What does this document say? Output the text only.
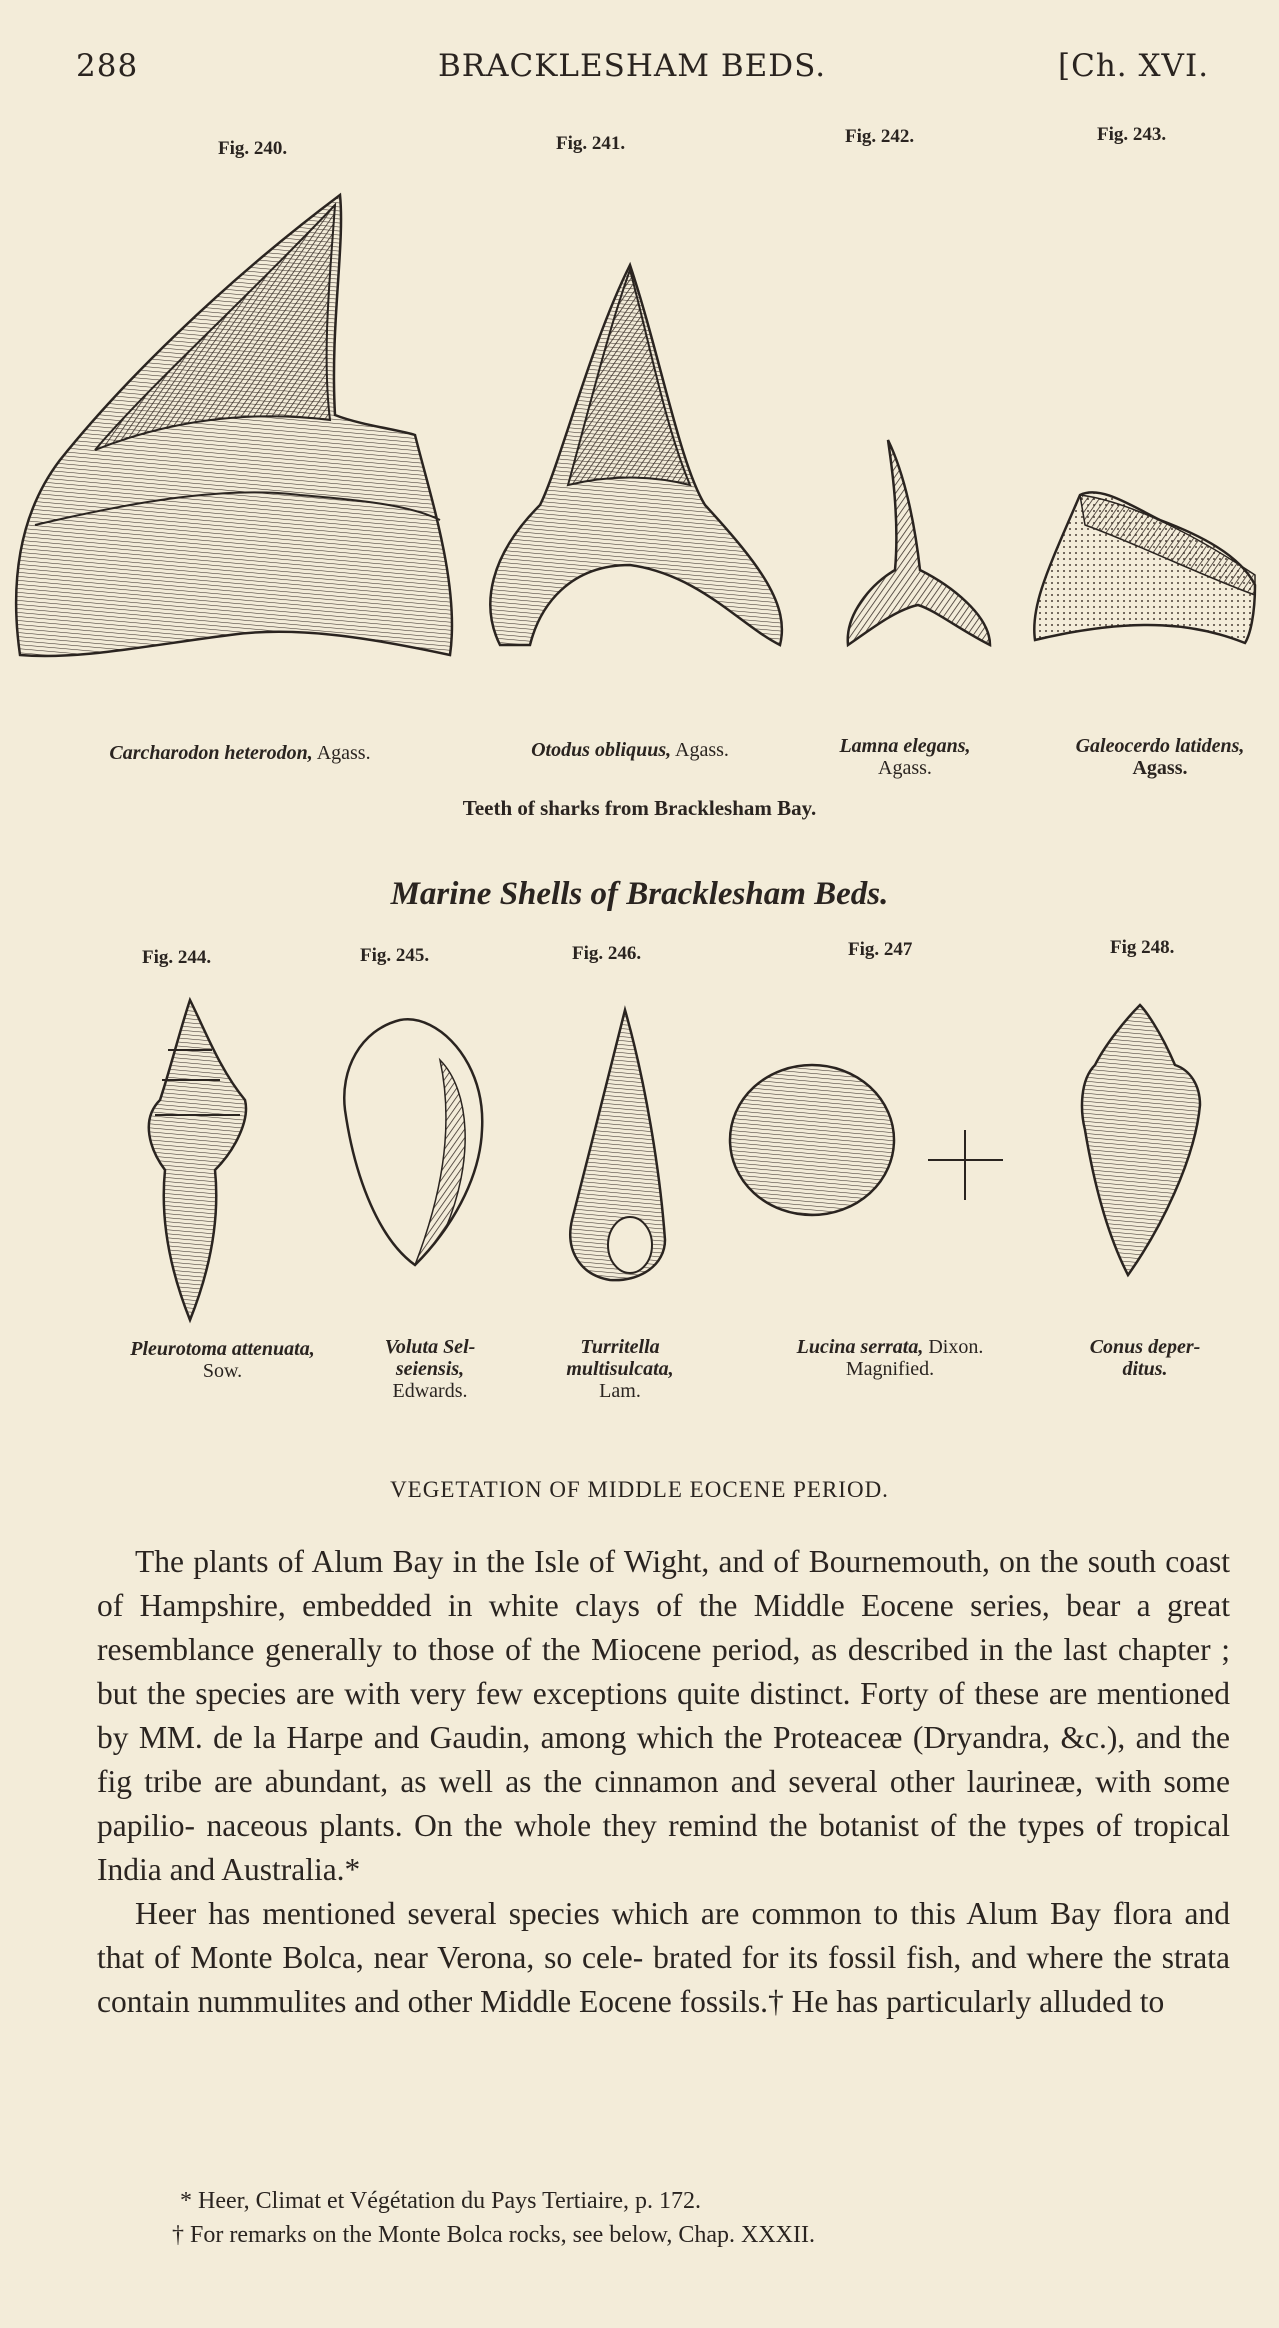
288	BRACKLESHAM BEDS.	[Ch. XVI.
Fig. 240.	Fig. 241.	Fig. 242.	Fig. 243.
Carcharodon heterodon, Agass.	Otodus obliquus, Agass.	Lamna elegans,
Agass.
Galeocerdo latidens,
Agass.
Teeth of sharks from Bracklesham Bay.
Marine Shells of Bracklesham Beds.
Fig. 244.	Fig. 245.	Fig. 246.	Fig. 247	Fig 248.
Pleurotoma attenuata,
Sow.
Voluta Sel-
seiensis,
Edwards.
Turritella
multisulcata,
Lam.
Lucina serrata, Dixon.
Magnified.
Conus deper-
ditus.
VEGETATION OF MIDDLE EOCENE PERIOD.

The plants of Alum Bay in the Isle of Wight, and of Bournemouth, on the south coast of Hampshire, embedded in white clays of the Middle Eocene series, bear a great resemblance generally to those of the Miocene period, as described in the last chapter ; but the species are with very few exceptions quite distinct. Forty of these are mentioned by MM. de la Harpe and Gaudin, among which the Proteaceæ (Dryandra, &c.), and the fig tribe are abundant, as well as the cinnamon and several other laurineæ, with some papilio- naceous plants. On the whole they remind the botanist of the types of tropical India and Australia.*

Heer has mentioned several species which are common to this Alum Bay flora and that of Monte Bolca, near Verona, so cele- brated for its fossil fish, and where the strata contain nummulites and other Middle Eocene fossils.† He has particularly alluded to

* Heer, Climat et Végétation du Pays Tertiaire, p. 172.
† For remarks on the Monte Bolca rocks, see below, Chap. XXXII.
